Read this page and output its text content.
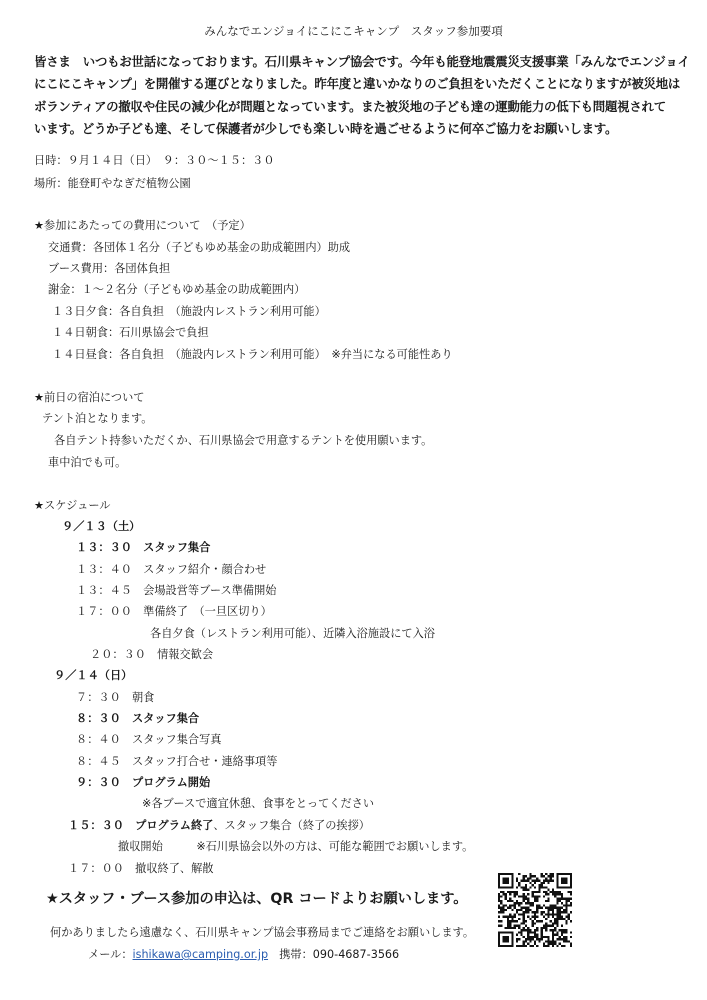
みんなでエンジョイにこにこキャンプ　スタッフ参加要項
皆さま　いつもお世話になっております。石川県キャンプ協会です。今年も能登地震震災支援事業「みんなでエンジョイ
にこにこキャンプ」を開催する運びとなりました。昨年度と違いかなりのご負担をいただくことになりますが被災地は
ボランティアの撤収や住民の減少化が問題となっています。また被災地の子ども達の運動能力の低下も問題視されて
います。どうか子ども達、そして保護者が少しでも楽しい時を過ごせるように何卒ご協力をお願いします。
日時：９月１４日（日）　９：３０～１５：３０
場所：能登町やなぎだ植物公園
★参加にあたっての費用について　（予定）
交通費：各団体１名分（子どもゆめ基金の助成範囲内）助成
ブース費用：各団体負担
謝金：１～２名分（子どもゆめ基金の助成範囲内）
１３日夕食：各自負担　（施設内レストラン利用可能）
１４日朝食：石川県協会で負担
１４日昼食：各自負担　（施設内レストラン利用可能）　※弁当になる可能性あり
★前日の宿泊について
テント泊となります。
各自テント持参いただくか、石川県協会で用意するテントを使用願います。
車中泊でも可。
★スケジュール
９／１３（土）
１３：３０　スタッフ集合
１３：４０　スタッフ紹介・顔合わせ
１３：４５　会場設営等ブース準備開始
１７：００　準備終了　（一旦区切り）
各自夕食（レストラン利用可能）、近隣入浴施設にて入浴
２０：３０　情報交歓会
９／１４（日）
７：３０　朝食
８：３０　スタッフ集合
８：４０　スタッフ集合写真
８：４５　スタッフ打合せ・連絡事項等
９：３０　プログラム開始
※各ブースで適宜休憩、食事をとってください
１５：３０　プログラム終了、スタッフ集合（終了の挨拶）
撤収開始　　　※石川県協会以外の方は、可能な範囲でお願いします。
１７：００　撤収終了、解散
★スタッフ・ブース参加の申込は、QR コードよりお願いします。
何かありましたら遠慮なく、石川県キャンプ協会事務局までご連絡をお願いします。
メール：ishikawa@camping.or.jp　携帯：090-4687-3566
